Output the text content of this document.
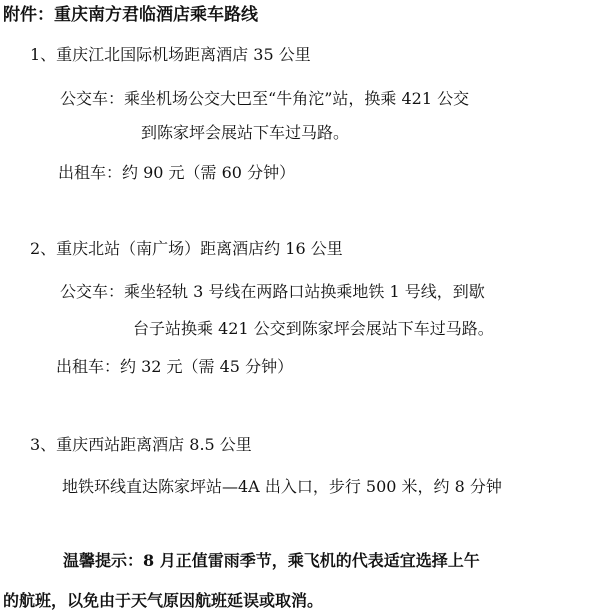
附件：重庆南方君临酒店乘车路线
1、重庆江北国际机场距离酒店 35 公里
公交车：乘坐机场公交大巴至“牛角沱”站，换乘 421 公交
到陈家坪会展站下车过马路。
出租车：约 90 元（需 60 分钟）
2、重庆北站（南广场）距离酒店约 16 公里
公交车：乘坐轻轨 3 号线在两路口站换乘地铁 1 号线，到歇
台子站换乘 421 公交到陈家坪会展站下车过马路。
出租车：约 32 元（需 45 分钟）
3、重庆西站距离酒店 8.5 公里
地铁环线直达陈家坪站—4A 出入口，步行 500 米，约 8 分钟
温馨提示：8 月正值雷雨季节，乘飞机的代表适宜选择上午
的航班，以免由于天气原因航班延误或取消。
